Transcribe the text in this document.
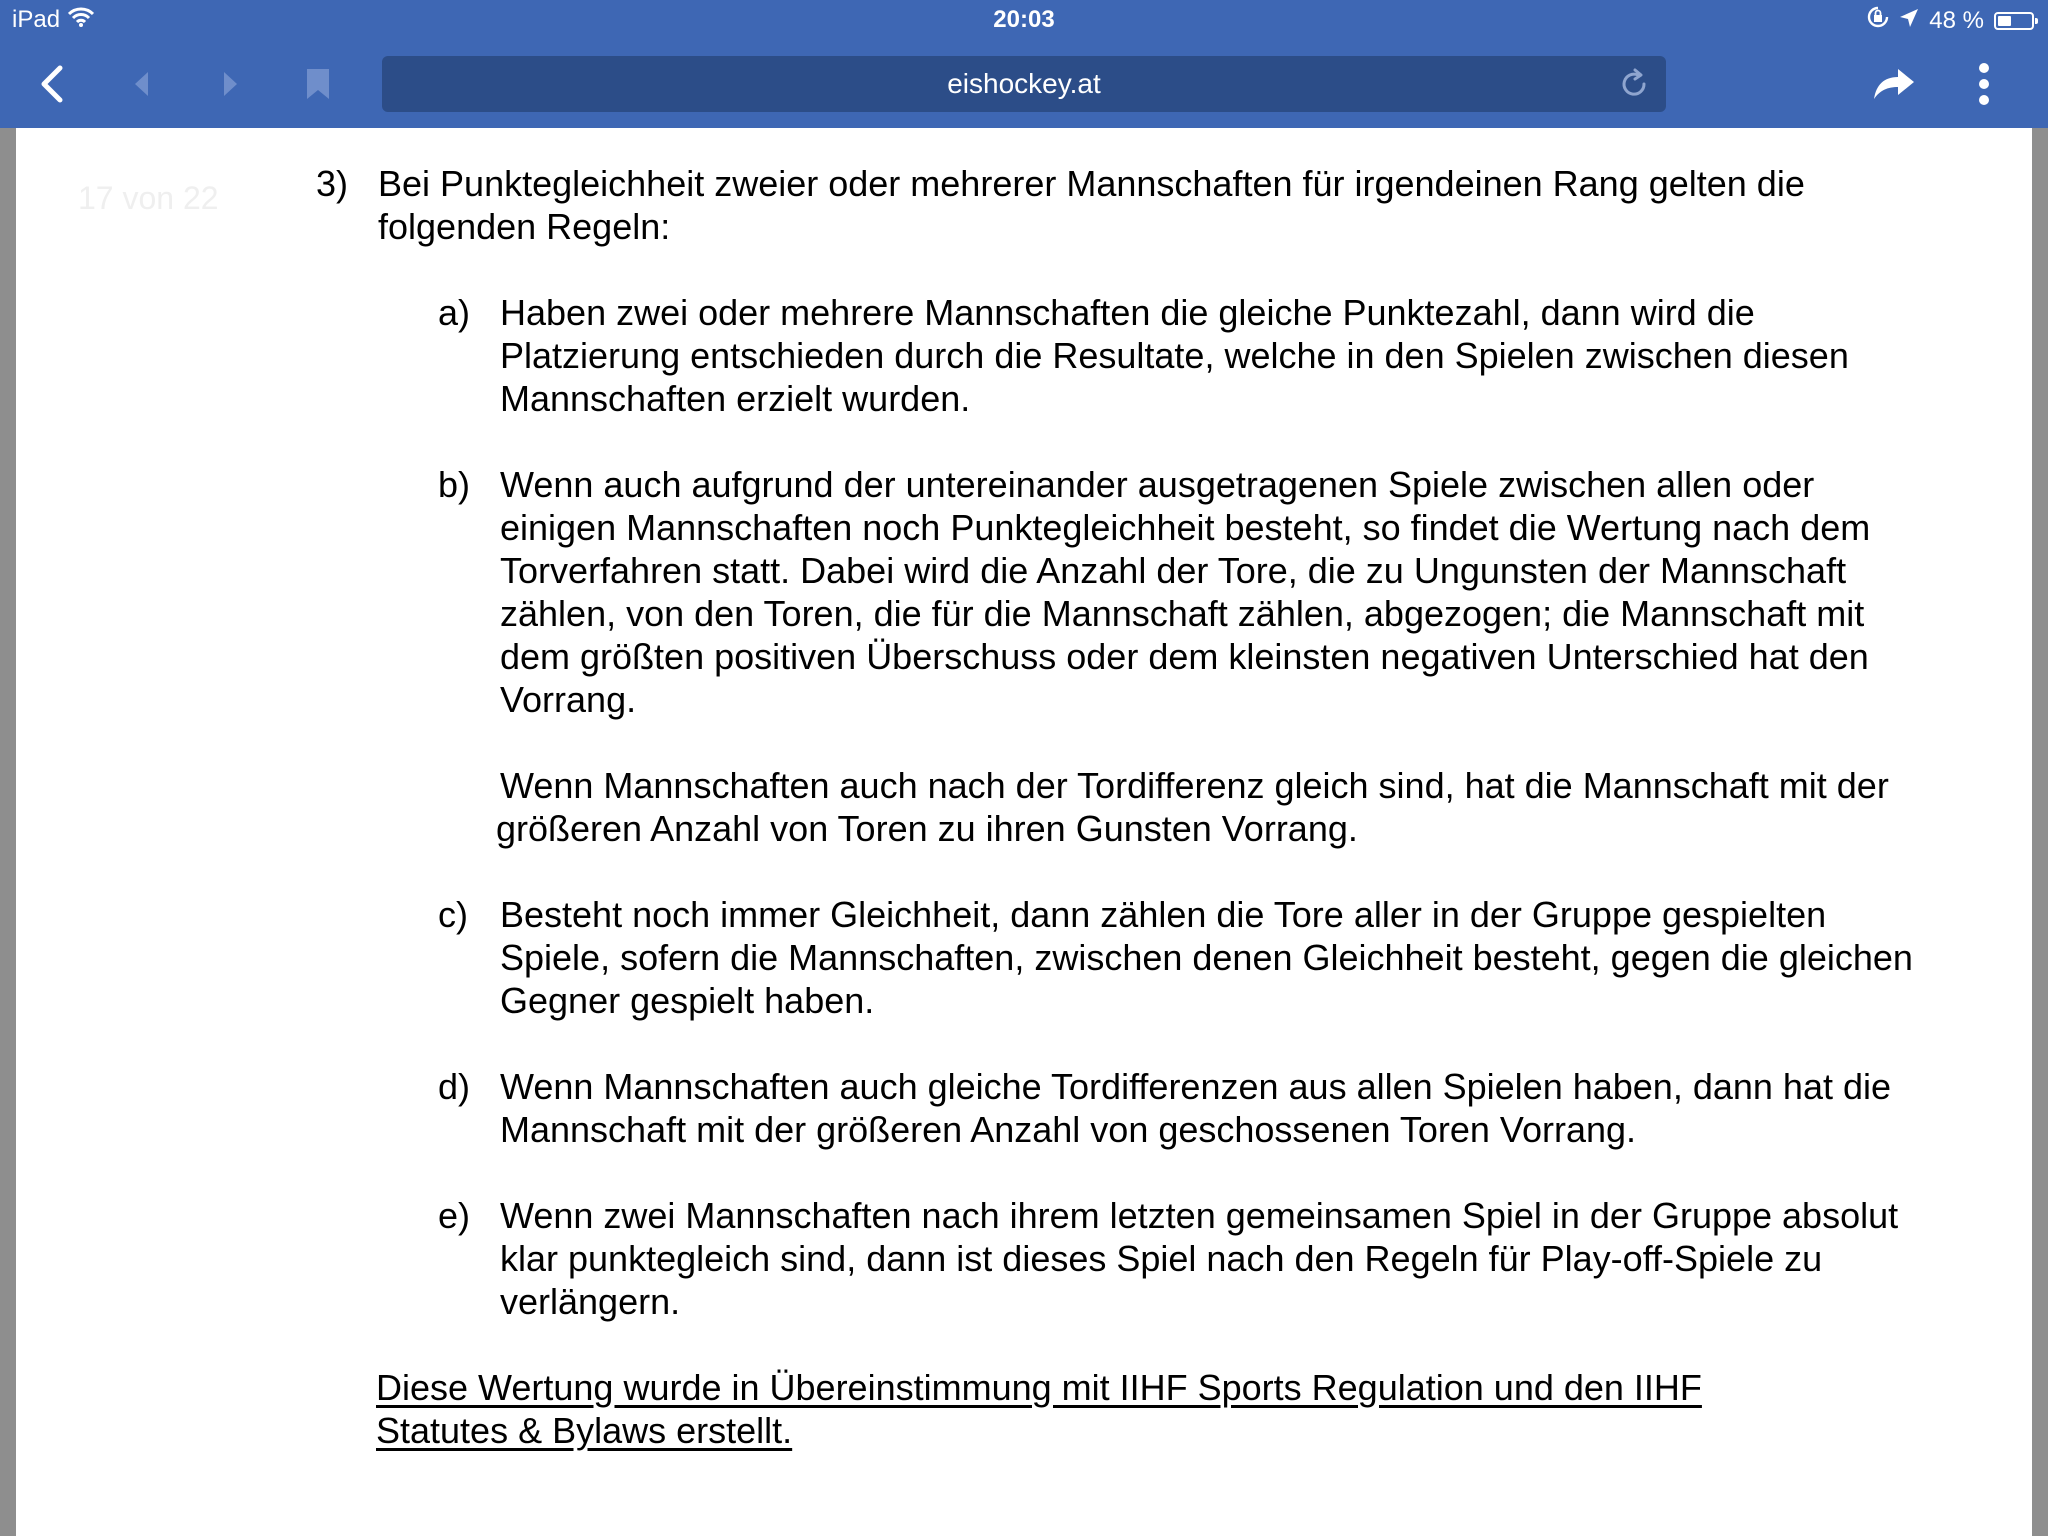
iPad	20:03	48 %
eishockey.at
17 von 22	3) Bei Punktegleichheit zweier oder mehrerer Mannschaften für irgendeinen Rang gelten die folgenden Regeln:

a) Haben zwei oder mehrere Mannschaften die gleiche Punktezahl, dann wird die Platzierung entschieden durch die Resultate, welche in den Spielen zwischen diesen Mannschaften erzielt wurden.

b) Wenn auch aufgrund der untereinander ausgetragenen Spiele zwischen allen oder einigen Mannschaften noch Punktegleichheit besteht, so findet die Wertung nach dem Torverfahren statt. Dabei wird die Anzahl der Tore, die zu Ungunsten der Mannschaft zählen, von den Toren, die für die Mannschaft zählen, abgezogen; die Mannschaft mit dem größten positiven Überschuss oder dem kleinsten negativen Unterschied hat den Vorrang.

Wenn Mannschaften auch nach der Tordifferenz gleich sind, hat die Mannschaft mit der größeren Anzahl von Toren zu ihren Gunsten Vorrang.

c) Besteht noch immer Gleichheit, dann zählen die Tore aller in der Gruppe gespielten Spiele, sofern die Mannschaften, zwischen denen Gleichheit besteht, gegen die gleichen Gegner gespielt haben.

d) Wenn Mannschaften auch gleiche Tordifferenzen aus allen Spielen haben, dann hat die Mannschaft mit der größeren Anzahl von geschossenen Toren Vorrang.

e) Wenn zwei Mannschaften nach ihrem letzten gemeinsamen Spiel in der Gruppe absolut klar punktegleich sind, dann ist dieses Spiel nach den Regeln für Play-off-Spiele zu verlängern.

Diese Wertung wurde in Übereinstimmung mit IIHF Sports Regulation und den IIHF Statutes & Bylaws erstellt.
